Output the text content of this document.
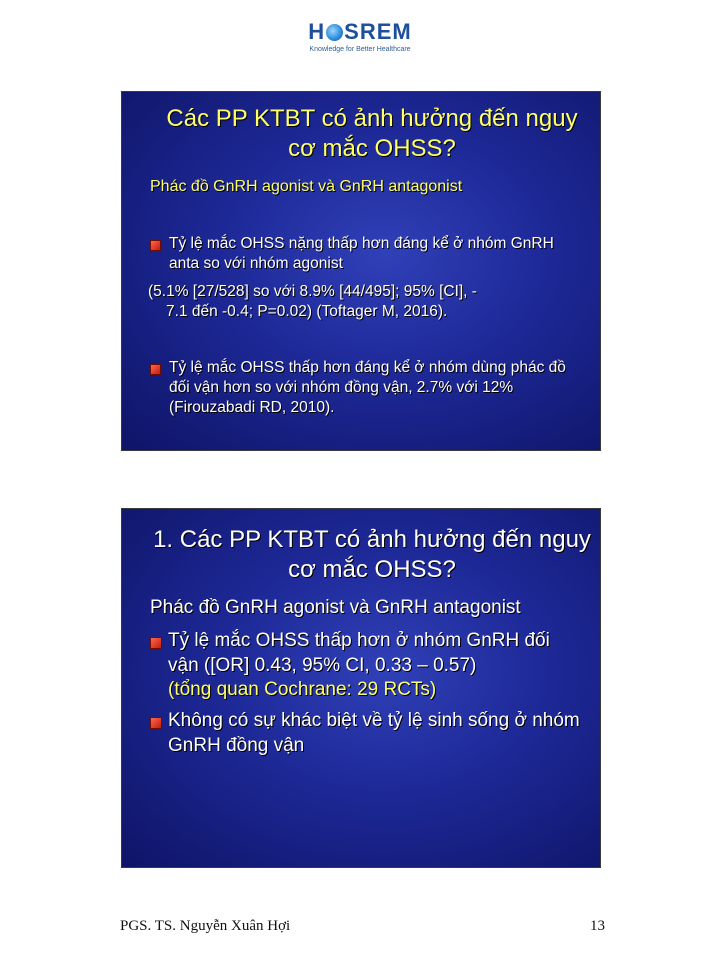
H SREM
Knowledge for Better Healthcare
Các PP KTBT có ảnh hưởng đến nguy cơ mắc OHSS?
Phác đồ GnRH agonist và GnRH antagonist
Tỷ lệ mắc OHSS nặng thấp hơn đáng kể ở nhóm GnRH anta so với nhóm agonist
(5.1% [27/528] so với 8.9% [44/495]; 95% [CI], -
7.1 đến -0.4; P=0.02) (Toftager M, 2016).
Tỷ lệ mắc OHSS thấp hơn đáng kể ở nhóm dùng phác đồ đối vận hơn so với nhóm đồng vận, 2.7% với 12% (Firouzabadi RD, 2010).
1. Các PP KTBT có ảnh hưởng đến nguy cơ mắc OHSS?
Phác đồ GnRH agonist và GnRH antagonist
Tỷ lệ mắc OHSS thấp hơn ở nhóm GnRH đối vận ([OR] 0.43, 95% CI, 0.33 – 0.57)
(tổng quan Cochrane: 29 RCTs)
Không có sự khác biệt về tỷ lệ sinh sống ở nhóm GnRH đồng vận
PGS. TS. Nguyễn Xuân Hợi	13
